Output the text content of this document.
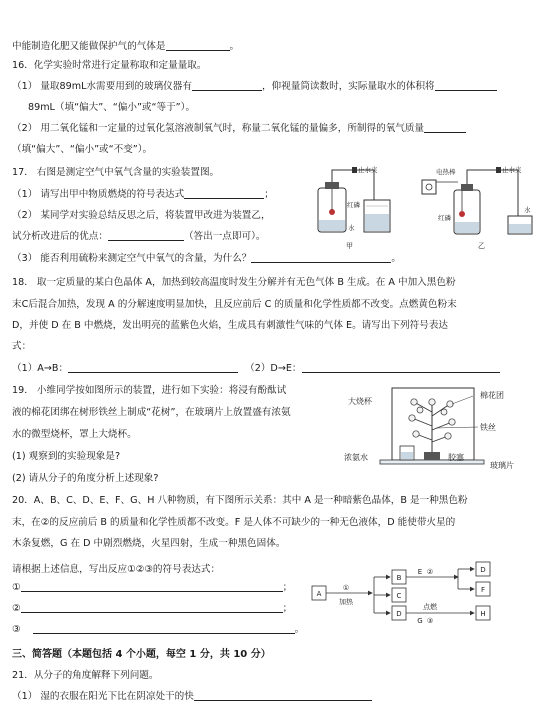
中能制造化肥又能做保护气的气体是	。
16．化学实验时常进行定量称取和定量量取。
（1） 量取89mL水需要用到的玻璃仪器有	，仰视量筒读数时，实际量取水的体积将
89mL（填“偏大”、“偏小”或“等于”）。
（2） 用二氧化锰和一定量的过氧化氢溶液制氧气时，称量二氧化锰的量偏多，所制得的氧气质量
（填“偏大”、“偏小”或“不变”）。
17． 右图是测定空气中氧气含量的实验装置图。
（1） 请写出甲中物质燃烧的符号表达式	；
（2） 某同学对实验总结反思之后，将装置甲改进为装置乙，
试分析改进后的优点：	（答出一点即可）。
（3） 能否利用硫粉来测定空气中氧气的含量，为什么？	。
止水夹
红磷
水
甲
电热棒	止水夹
红磷
水
乙
18． 取一定质量的某白色晶体 A，加热到较高温度时发生分解并有无色气体 B 生成。在 A 中加入黑色粉
末C后混合加热，发现 A 的分解速度明显加快，且反应前后 C 的质量和化学性质都不改变。点燃黄色粉末
D，并使 D 在 B 中燃烧，发出明亮的蓝紫色火焰，生成具有刺激性气味的气体 E。请写出下列符号表达
式：
（1）A→B：	（2）D→E：
19． 小维同学按如图所示的装置，进行如下实验：将浸有酚酞试
液的棉花团绑在树形铁丝上制成“花树”，在玻璃片上放置盛有浓氨
水的微型烧杯，罩上大烧杯。
(1) 观察到的实验现象是?
(2) 请从分子的角度分析上述现象?
大烧杯
棉花团
铁丝
浓氨水	胶塞
玻璃片
20．A、B、C、D、E、F、G、H 八种物质，有下图所示关系：其中 A 是一种暗紫色晶体，B 是一种黑色粉
末，在②的反应前后 B 的质量和化学性质都不改变。F 是人体不可缺少的一种无色液体，D 能使带火星的
木条复燃，G 在 D 中剧烈燃烧，火星四射，生成一种黑色固体。
请根据上述信息，写出反应①②③的符号表达式：
①	；
②	；
③	。
A
B
C
D
D
F
H
E ②
①
加热
点燃
G ③
三、简答题（本题包括 4 个小题，每空 1 分，共 10 分）
21．从分子的角度解释下列问题。
（1） 湿的衣服在阳光下比在阴凉处干的快
